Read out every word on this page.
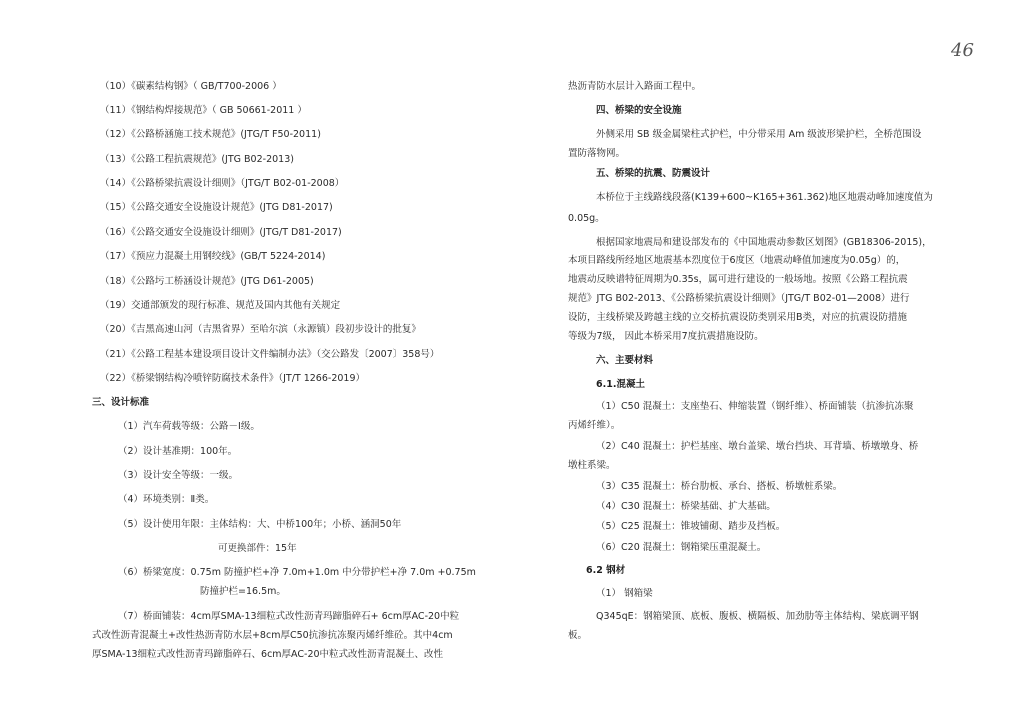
46
（10）《碳素结构钢》（ GB/T700-2006 ）
（11）《钢结构焊接规范》（ GB 50661-2011 ）
（12）《公路桥涵施工技术规范》(JTG/T F50-2011)
（13）《公路工程抗震规范》(JTG B02-2013)
（14）《公路桥梁抗震设计细则》（JTG/T B02-01-2008）
（15）《公路交通安全设施设计规范》(JTG D81-2017)
（16）《公路交通安全设施设计细则》(JTG/T D81-2017)
（17）《预应力混凝土用钢绞线》(GB/T 5224-2014)
（18）《公路圬工桥涵设计规范》(JTG D61-2005)
（19）交通部颁发的现行标准、规范及国内其他有关规定
（20）《吉黑高速山河（吉黑省界）至哈尔滨（永源镇）段初步设计的批复》
（21）《公路工程基本建设项目设计文件编制办法》（交公路发〔2007〕358号）
（22）《桥梁钢结构冷喷锌防腐技术条件》（JT/T 1266-2019）
三、设计标准
（1）汽车荷载等级：公路－Ⅰ级。
（2）设计基准期：100年。
（3）设计安全等级：一级。
（4）环境类别：Ⅱ类。
（5）设计使用年限：主体结构：大、中桥100年；小桥、涵洞50年
可更换部件：15年
（6）桥梁宽度：0.75m 防撞护栏+净 7.0m+1.0m 中分带护栏+净 7.0m +0.75m
防撞护栏=16.5m。
（7）桥面铺装：4cm厚SMA-13细粒式改性沥青玛蹄脂碎石+ 6cm厚AC-20中粒
式改性沥青混凝土+改性热沥青防水层+8cm厚C50抗渗抗冻聚丙烯纤维砼。其中4cm
厚SMA-13细粒式改性沥青玛蹄脂碎石、6cm厚AC-20中粒式改性沥青混凝土、改性
热沥青防水层计入路面工程中。
四、桥梁的安全设施
外侧采用 SB 级金属梁柱式护栏，中分带采用 Am 级波形梁护栏，全桥范围设
置防落物网。
五、桥梁的抗震、防震设计
本桥位于主线路线段落(K139+600~K165+361.362)地区地震动峰加速度值为
0.05g。
根据国家地震局和建设部发布的《中国地震动参数区划图》(GB18306-2015)，
本项目路线所经地区地震基本烈度位于6度区（地震动峰值加速度为0.05g）的，
地震动反映谱特征周期为0.35s，属可进行建设的一般场地。按照《公路工程抗震
规范》JTG B02-2013、《公路桥梁抗震设计细则》（JTG/T B02-01—2008）进行
设防，主线桥梁及跨越主线的立交桥抗震设防类别采用B类，对应的抗震设防措施
等级为7级， 因此本桥采用7度抗震措施设防。
六、主要材料
6.1.混凝土
（1）C50 混凝土：支座垫石、伸缩装置（钢纤维）、桥面铺装（抗渗抗冻聚
丙烯纤维）。
（2）C40 混凝土：护栏基座、墩台盖梁、墩台挡块、耳背墙、桥墩墩身、桥
墩柱系梁。
（3）C35 混凝土：桥台肋板、承台、搭板、桥墩桩系梁。
（4）C30 混凝土：桥梁基础、扩大基础。
（5）C25 混凝土：锥坡铺砌、踏步及挡板。
（6）C20 混凝土：钢箱梁压重混凝土。
6.2 钢材
（1） 钢箱梁
Q345qE：钢箱梁顶、底板、腹板、横隔板、加劲肋等主体结构、梁底调平钢
板。
